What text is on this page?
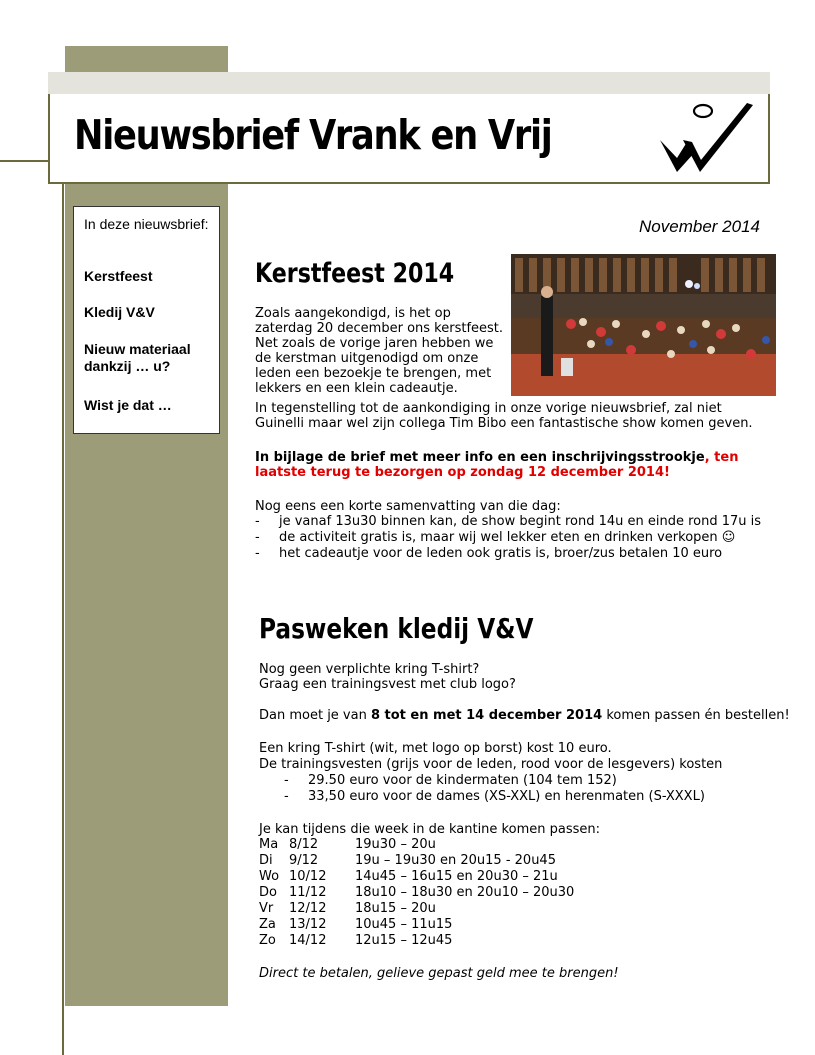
Nieuwsbrief Vrank en Vrij
In deze nieuwsbrief:
Kerstfeest
Kledij V&V
Nieuw materiaal dankzij … u?
Wist je dat …
November 2014
Kerstfeest 2014
Zoals aangekondigd, is het op
zaterdag 20 december ons kerstfeest.
Net zoals de vorige jaren hebben we
de kerstman uitgenodigd om onze
leden een bezoekje te brengen, met
lekkers en een klein cadeautje.
In tegenstelling tot de aankondiging in onze vorige nieuwsbrief, zal niet
Guinelli maar wel zijn collega Tim Bibo een fantastische show komen geven.
In bijlage de brief met meer info en een inschrijvingsstrookje, ten
laatste terug te bezorgen op zondag 12 december 2014!
Nog eens een korte samenvatting van die dag:
- je vanaf 13u30 binnen kan, de show begint rond 14u en einde rond 17u is
- de activiteit gratis is, maar wij wel lekker eten en drinken verkopen ☺
- het cadeautje voor de leden ook gratis is, broer/zus betalen 10 euro
Pasweken kledij V&V
Nog geen verplichte kring T-shirt?
Graag een trainingsvest met club logo?
Dan moet je van 8 tot en met 14 december 2014 komen passen én bestellen!
Een kring T-shirt (wit, met logo op borst) kost 10 euro.
De trainingsvesten (grijs voor de leden, rood voor de lesgevers) kosten
- 29.50 euro voor de kindermaten (104 tem 152)
- 33,50 euro voor de dames (XS-XXL) en herenmaten (S-XXXL)
Je kan tijdens die week in de kantine komen passen:
Ma 8/12	19u30 – 20u
Di 9/12	19u – 19u30 en 20u15 - 20u45
Wo 10/12 14u45 – 16u15 en 20u30 – 21u
Do 11/12 18u10 – 18u30 en 20u10 – 20u30
Vr 12/12 18u15 – 20u
Za 13/12 10u45 – 11u15
Zo 14/12 12u15 – 12u45
Direct te betalen, gelieve gepast geld mee te brengen!
